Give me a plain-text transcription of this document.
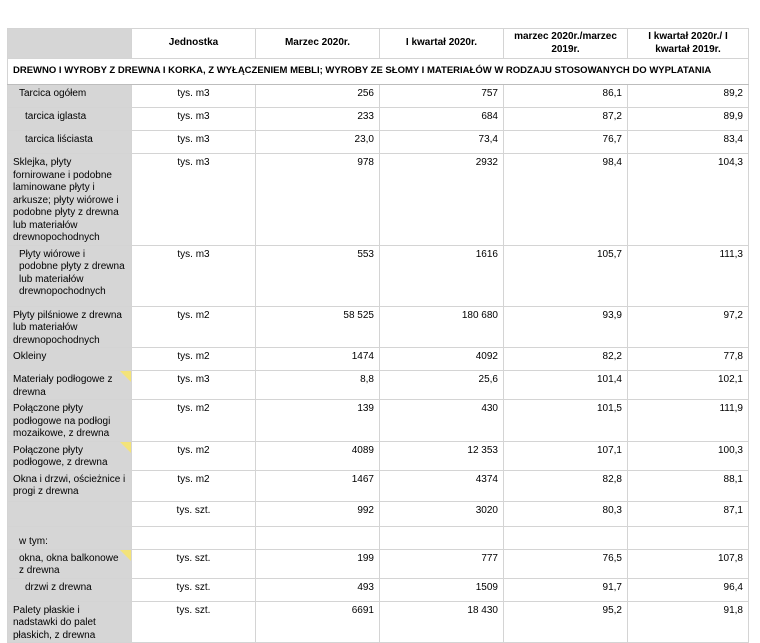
	Jednostka	Marzec 2020r.	I kwartał 2020r.	marzec 2020r./marzec 2019r.	I kwartał 2020r./ I kwartał 2019r.
DREWNO I WYROBY Z DREWNA I KORKA, Z WYŁĄCZENIEM MEBLI; WYROBY ZE SŁOMY I MATERIAŁÓW W RODZAJU STOSOWANYCH DO WYPLATANIA					

Tarcica ogółem	tys. m3	256	757	86,1	89,2

tarcica iglasta	tys. m3	233	684	87,2	89,9

tarcica liściasta	tys. m3	23,0	73,4	76,7	83,4
Sklejka, płyty fornirowane i podobne laminowane płyty i arkusze; płyty wiórowe i podobne płyty z drewna lub materiałów drewnopochodnych	tys. m3	978	2932	98,4	104,3

Płyty wiórowe i podobne płyty z drewna lub materiałów drewnopochodnych	tys. m3	553	1616	105,7	111,3
Płyty pilśniowe z drewna lub materiałów drewnopochodnych	tys. m2	58 525	180 680	93,9	97,2
Okleiny	tys. m2	1474	4092	82,2	77,8
Materiały podłogowe z drewna	tys. m3	8,8	25,6	101,4	102,1
Połączone płyty podłogowe na podłogi mozaikowe, z drewna	tys. m2	139	430	101,5	111,9
Połączone płyty podłogowe, z drewna	tys. m2	4089	12 353	107,1	100,3
Okna i drzwi, ościeżnice i progi z drewna	tys. m2	1467	4374	82,8	88,1
	tys. szt.	992	3020	80,3	87,1

w tym:					

okna, okna balkonowe z drewna	tys. szt.	199	777	76,5	107,8

drzwi z drewna	tys. szt.	493	1509	91,7	96,4
Palety płaskie i nadstawki do palet płaskich, z drewna	tys. szt.	6691	18 430	95,2	91,8
